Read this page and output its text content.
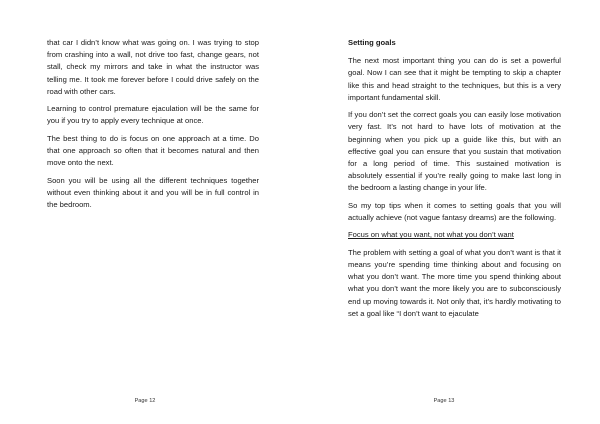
that car I didn’t know what was going on. I was trying to stop from crashing into a wall, not drive too fast, change gears, not stall, check my mirrors and take in what the instructor was telling me. It took me forever before I could drive safely on the road with other cars.

Learning to control premature ejaculation will be the same for you if you try to apply every technique at once.

The best thing to do is focus on one approach at a time. Do that one approach so often that it becomes natural and then move onto the next.

Soon you will be using all the different techniques together without even thinking about it and you will be in full control in the bedroom.

Page 12

Setting goals

The next most important thing you can do is set a powerful goal. Now I can see that it might be tempting to skip a chapter like this and head straight to the techniques, but this is a very important fundamental skill.

If you don’t set the correct goals you can easily lose motivation very fast. It’s not hard to have lots of motivation at the beginning when you pick up a guide like this, but with an effective goal you can ensure that you sustain that motivation for a long period of time. This sustained motivation is absolutely essential if you’re really going to make last long in the bedroom a lasting change in your life.

So my top tips when it comes to setting goals that you will actually achieve (not vague fantasy dreams) are the following.

Focus on what you want, not what you don’t want

The problem with setting a goal of what you don’t want is that it means you’re spending time thinking about and focusing on what you don’t want. The more time you spend thinking about what you don’t want the more likely you are to subconsciously end up moving towards it. Not only that, it’s hardly motivating to set a goal like “I don’t want to ejaculate

Page 13
